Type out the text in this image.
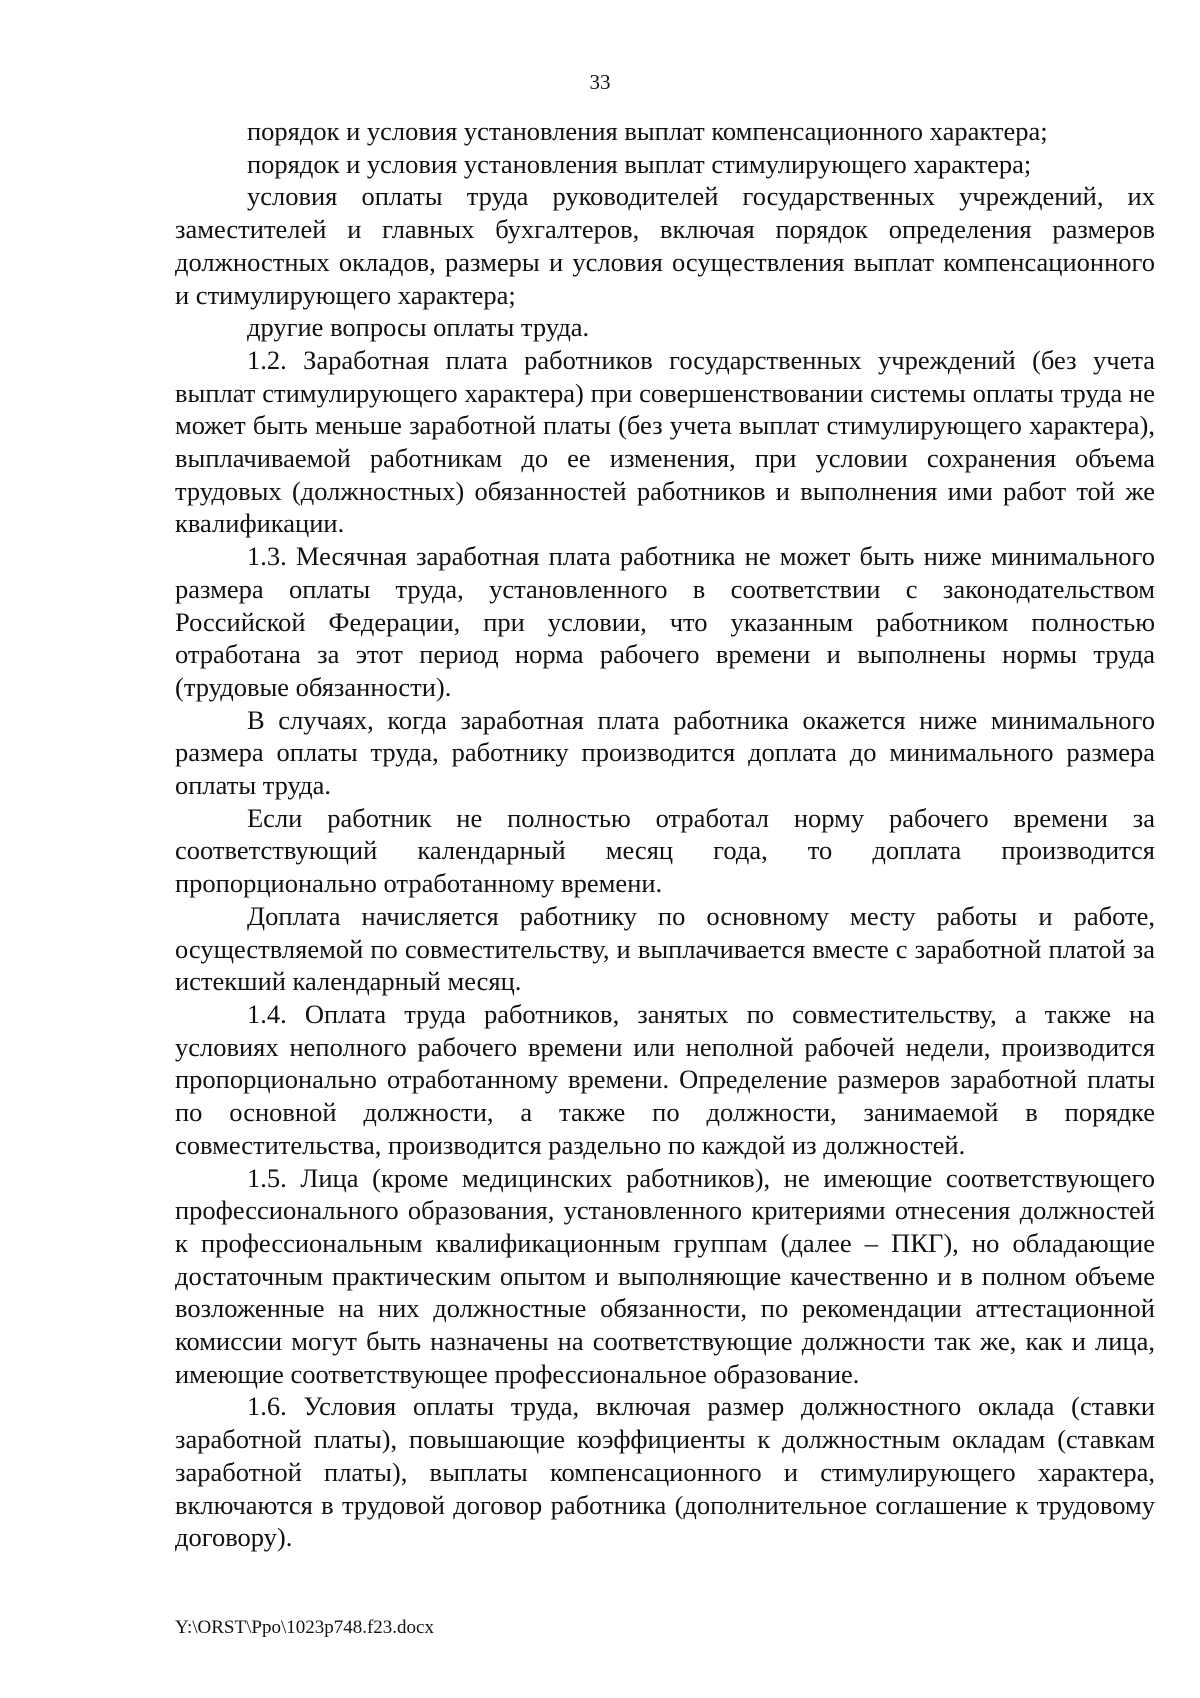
33

порядок и условия установления выплат компенсационного характера;

порядок и условия установления выплат стимулирующего характера;

условия оплаты труда руководителей государственных учреждений, их заместителей и главных бухгалтеров, включая порядок определения размеров должностных окладов, размеры и условия осуществления выплат компенсационного и стимулирующего характера;

другие вопросы оплаты труда.

1.2. Заработная плата работников государственных учреждений (без учета выплат стимулирующего характера) при совершенствовании системы оплаты труда не может быть меньше заработной платы (без учета выплат стимулирующего характера), выплачиваемой работникам до ее изменения, при условии сохранения объема трудовых (должностных) обязанностей работников и выполнения ими работ той же квалификации.

1.3. Месячная заработная плата работника не может быть ниже минимального размера оплаты труда, установленного в соответствии с законодательством Российской Федерации, при условии, что указанным работником полностью отработана за этот период норма рабочего времени и выполнены нормы труда (трудовые обязанности).

В случаях, когда заработная плата работника окажется ниже минимального размера оплаты труда, работнику производится доплата до минимального размера оплаты труда.

Если работник не полностью отработал норму рабочего времени за соответствующий календарный месяц года, то доплата производится пропорционально отработанному времени.

Доплата начисляется работнику по основному месту работы и работе, осуществляемой по совместительству, и выплачивается вместе с заработной платой за истекший календарный месяц.

1.4. Оплата труда работников, занятых по совместительству, а также на условиях неполного рабочего времени или неполной рабочей недели, производится пропорционально отработанному времени. Определение размеров заработной платы по основной должности, а также по должности, занимаемой в порядке совместительства, производится раздельно по каждой из должностей.

1.5. Лица (кроме медицинских работников), не имеющие соответствующего профессионального образования, установленного критериями отнесения должностей к профессиональным квалификационным группам (далее – ПКГ), но обладающие достаточным практическим опытом и выполняющие качественно и в полном объеме возложенные на них должностные обязанности, по рекомендации аттестационной комиссии могут быть назначены на соответствующие должности так же, как и лица, имеющие соответствующее профессиональное образование.

1.6. Условия оплаты труда, включая размер должностного оклада (ставки заработной платы), повышающие коэффициенты к должностным окладам (ставкам заработной платы), выплаты компенсационного и стимулирующего характера, включаются в трудовой договор работника (дополнительное соглашение к трудовому договору).

Y:\ORST\Ppo\1023p748.f23.docx
